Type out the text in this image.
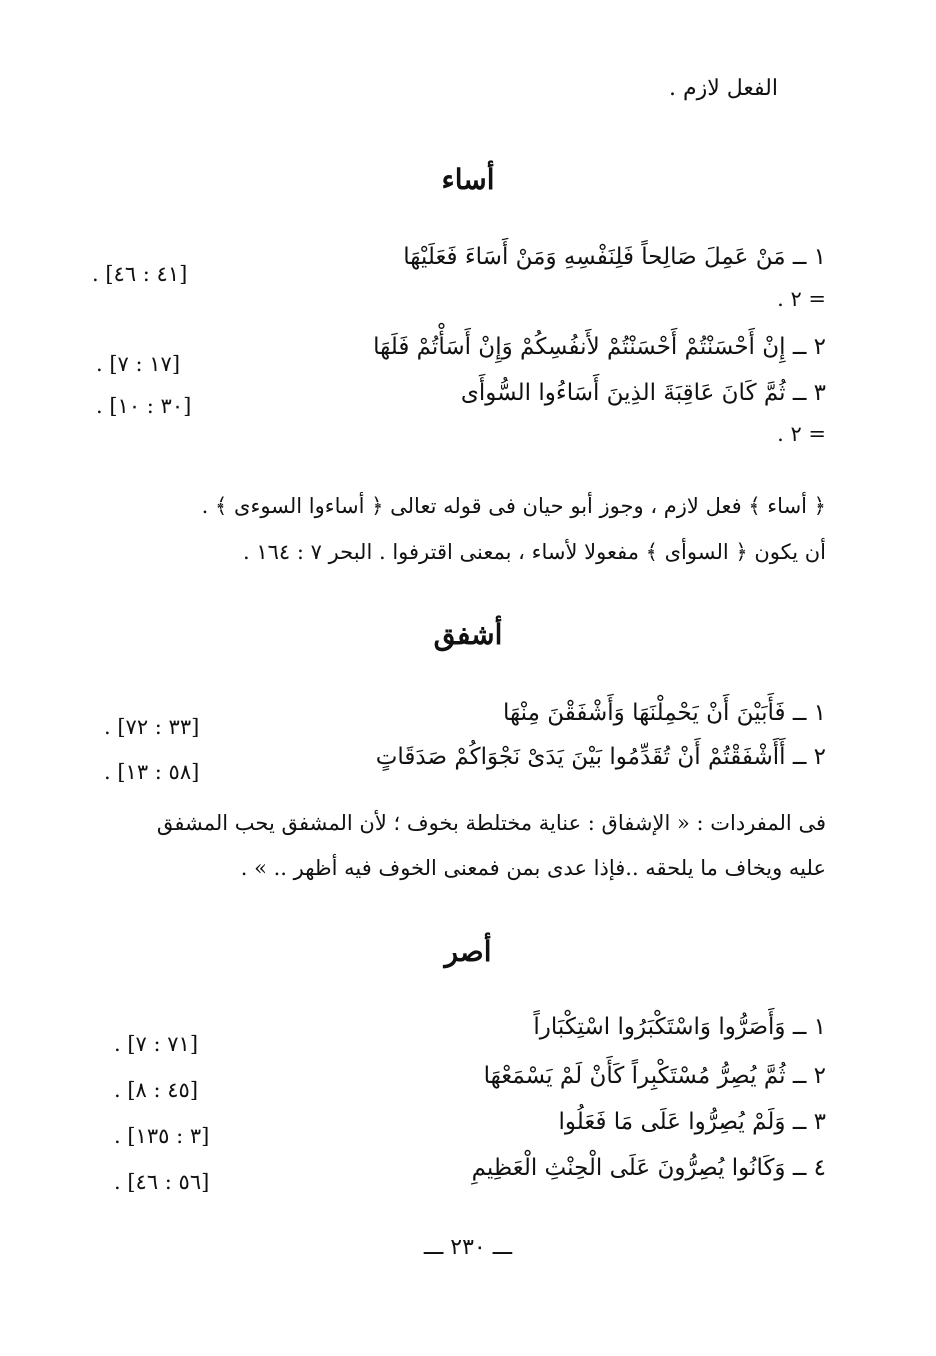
الفعل لازم .
أساء
١ ــ مَنْ عَمِلَ صَالِحاً فَلِنَفْسِهِ وَمَنْ أَسَاءَ فَعَلَيْهَا
[٤١ : ٤٦] .
= ٢ .
٢ ــ إِنْ أَحْسَنْتُمْ أَحْسَنْتُمْ لأَنفُسِكُمْ وَإِنْ أَسَأْتُمْ فَلَهَا
[١٧ : ٧] .
٣ ــ ثُمَّ كَانَ عَاقِبَةَ الذِينَ أَسَاءُوا السُّوأَى
[٣٠ : ١٠] .
= ٢ .
﴿ أساء ﴾ فعل لازم ، وجوز أبو حيان فى قوله تعالى ﴿ أساءوا السوءى ﴾ .
أن يكون ﴿ السوأى ﴾ مفعولا لأساء ، بمعنى اقترفوا . البحر ٧ : ١٦٤ .
أشفق
١ ــ فَأَبَيْنَ أَنْ يَحْمِلْنَهَا وَأَشْفَقْنَ مِنْهَا
[٣٣ : ٧٢] .
٢ ــ أَأَشْفَقْتُمْ أَنْ تُقَدِّمُوا بَيْنَ يَدَىْ نَجْوَاكُمْ صَدَقَاتٍ
[٥٨ : ١٣] .
فى المفردات : « الإشفاق : عناية مختلطة بخوف ؛ لأن المشفق يحب المشفق
عليه ويخاف ما يلحقه ..فإذا عدى بمن فمعنى الخوف فيه أظهر .. » .
أصر
١ ــ وَأَصَرُّوا وَاسْتَكْبَرُوا اسْتِكْبَاراً
[٧١ : ٧] .
٢ ــ ثُمَّ يُصِرُّ مُسْتَكْبِراً كَأَنْ لَمْ يَسْمَعْهَا
[٤٥ : ٨] .
٣ ــ وَلَمْ يُصِرُّوا عَلَى مَا فَعَلُوا
[٣ : ١٣٥] .
٤ ــ وَكَانُوا يُصِرُّونَ عَلَى الْحِنْثِ الْعَظِيمِ
[٥٦ : ٤٦] .
ـــ ٢٣٠ ـــ
